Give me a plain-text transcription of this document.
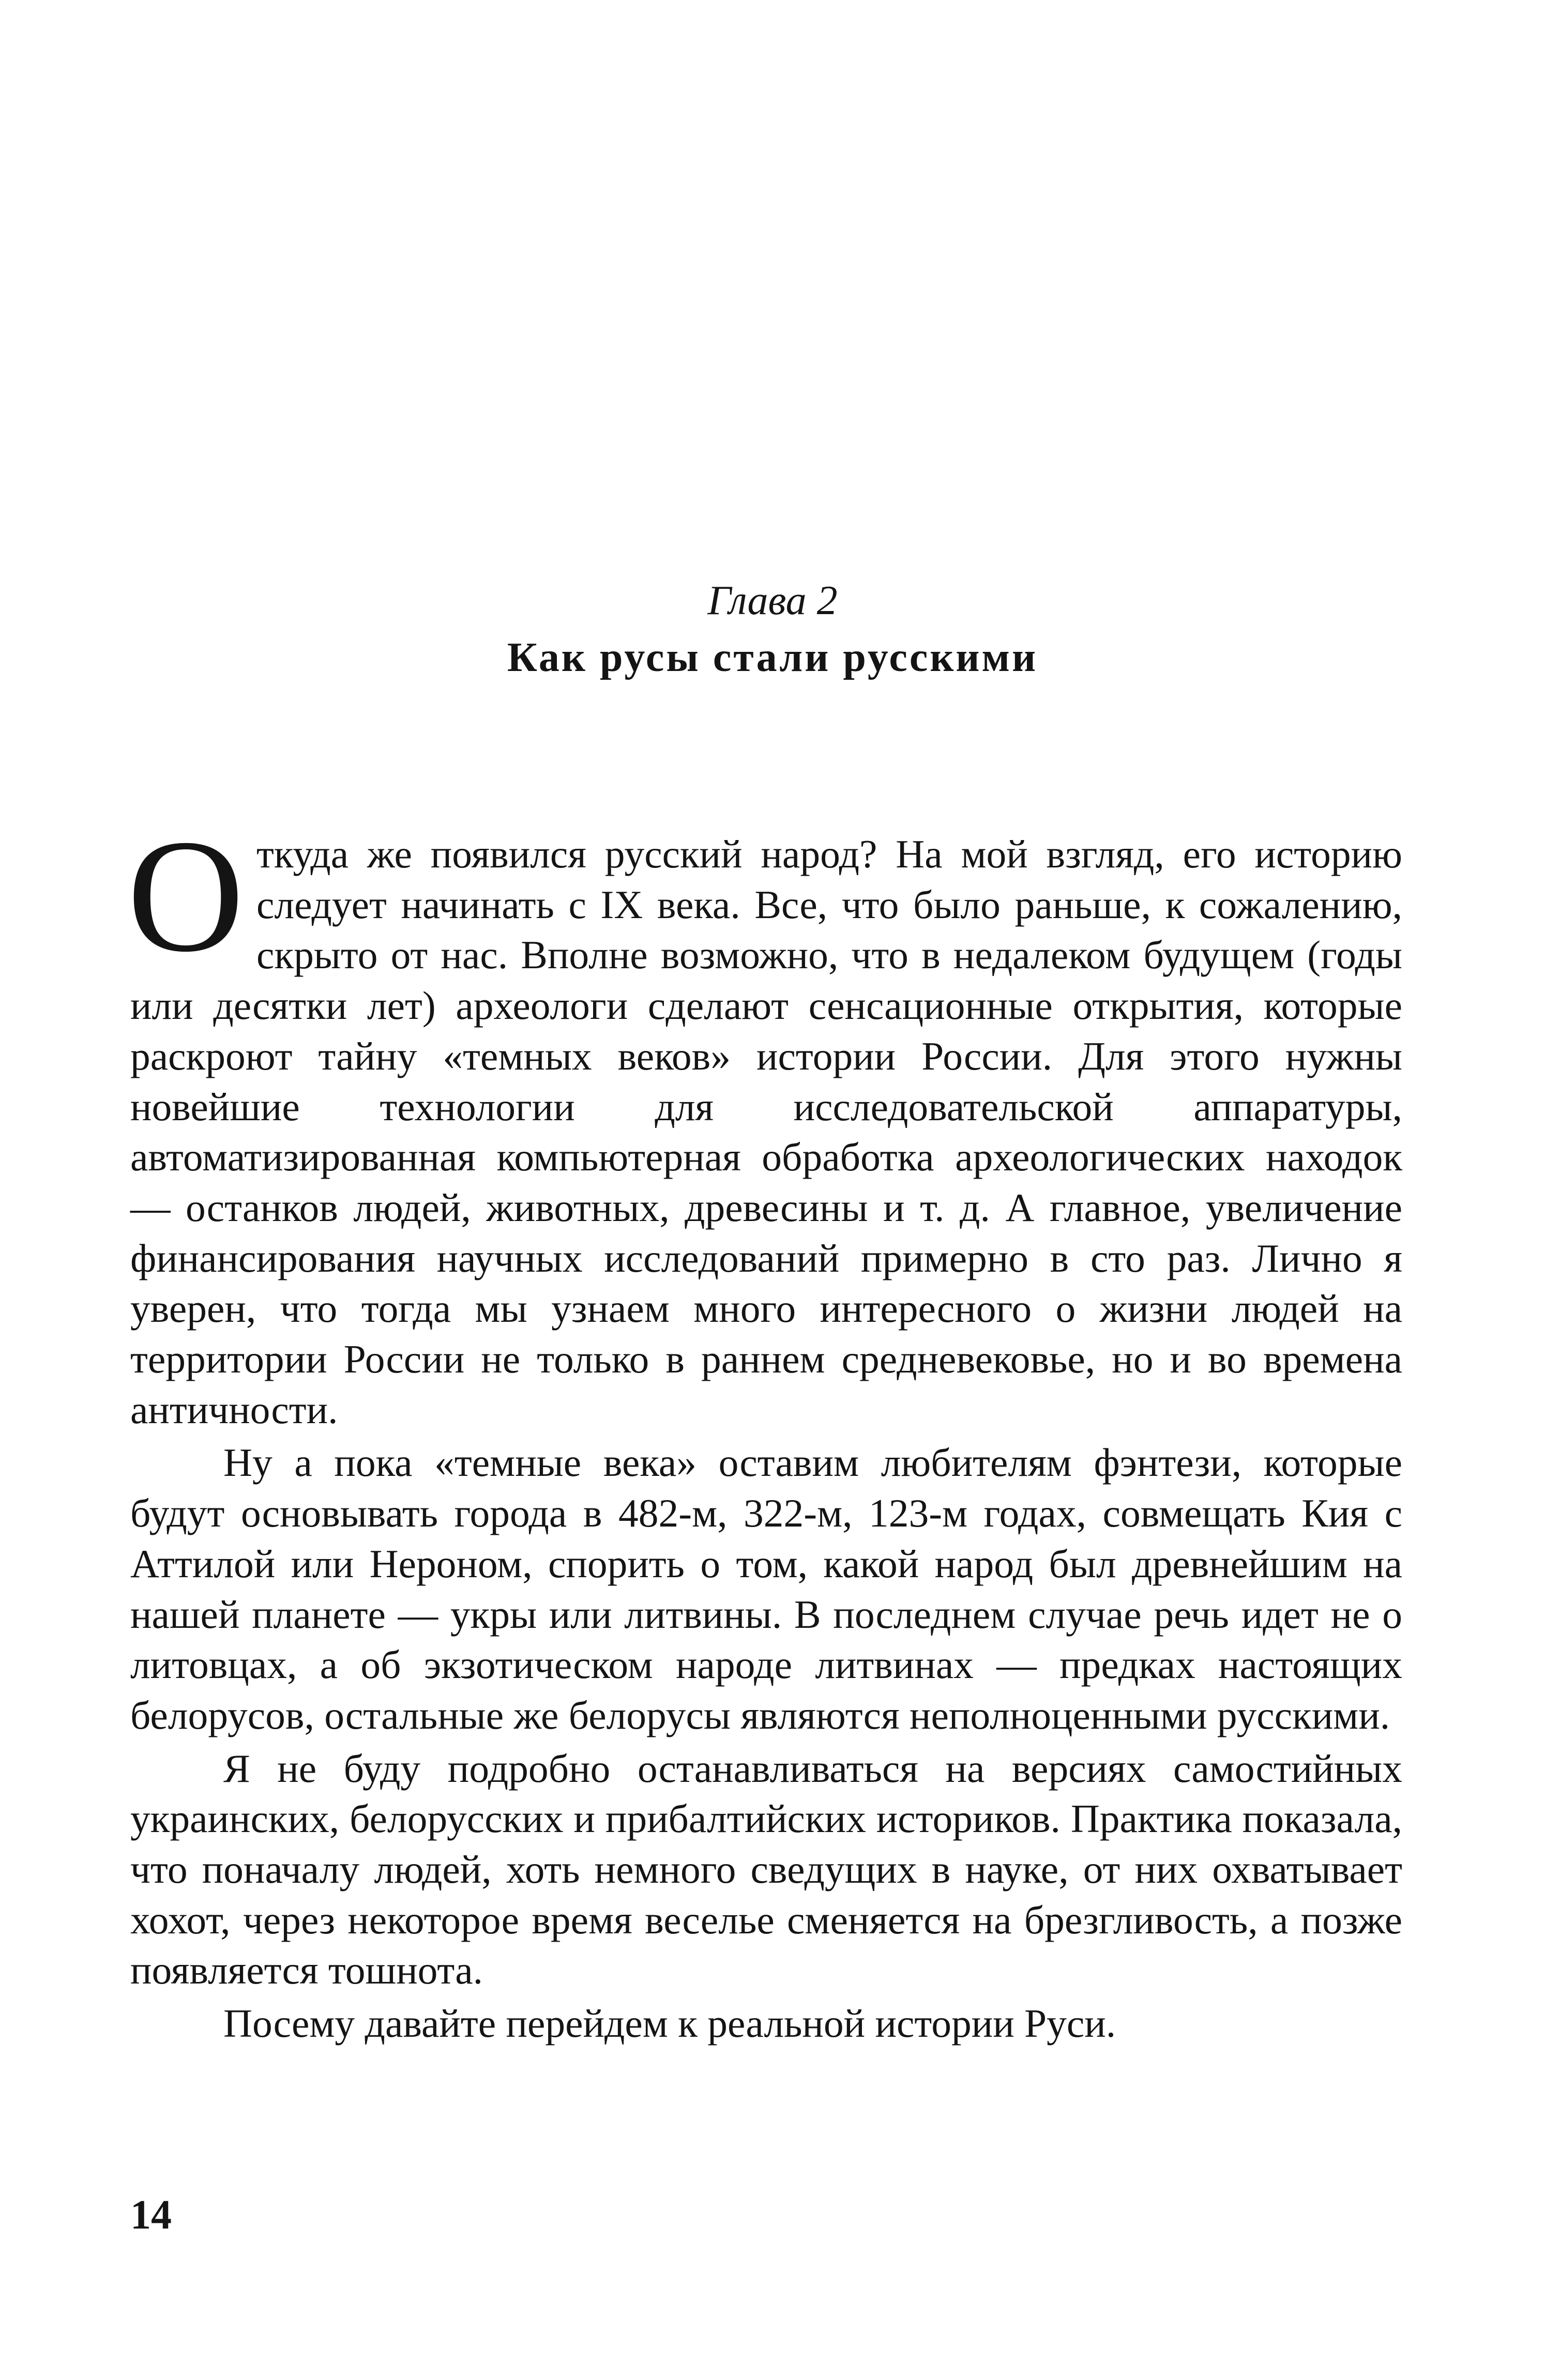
Глава 2
Как русы стали русскими

Откуда же появился русский народ? На мой взгляд, его историю следует начинать с IX века. Все, что было раньше, к сожалению, скрыто от нас. Вполне возможно, что в недалеком будущем (годы или десятки лет) археологи сделают сенсационные открытия, которые раскроют тайну «темных веков» истории России. Для этого нужны новейшие технологии для исследовательской аппаратуры, автоматизированная компьютерная обработка археологических находок — останков людей, животных, древесины и т. д. А главное, увеличение финансирования научных исследований примерно в сто раз. Лично я уверен, что тогда мы узнаем много интересного о жизни людей на территории России не только в раннем средневековье, но и во времена античности.

Ну а пока «темные века» оставим любителям фэнтези, которые будут основывать города в 482-м, 322-м, 123-м годах, совмещать Кия с Аттилой или Нероном, спорить о том, какой народ был древнейшим на нашей планете — укры или литвины. В последнем случае речь идет не о литовцах, а об экзотическом народе литвинах — предках настоящих белорусов, остальные же белорусы являются неполноценными русскими.

Я не буду подробно останавливаться на версиях самостийных украинских, белорусских и прибалтийских историков. Практика показала, что поначалу людей, хоть немного сведущих в науке, от них охватывает хохот, через некоторое время веселье сменяется на брезгливость, а позже появляется тошнота.

Посему давайте перейдем к реальной истории Руси.

14
